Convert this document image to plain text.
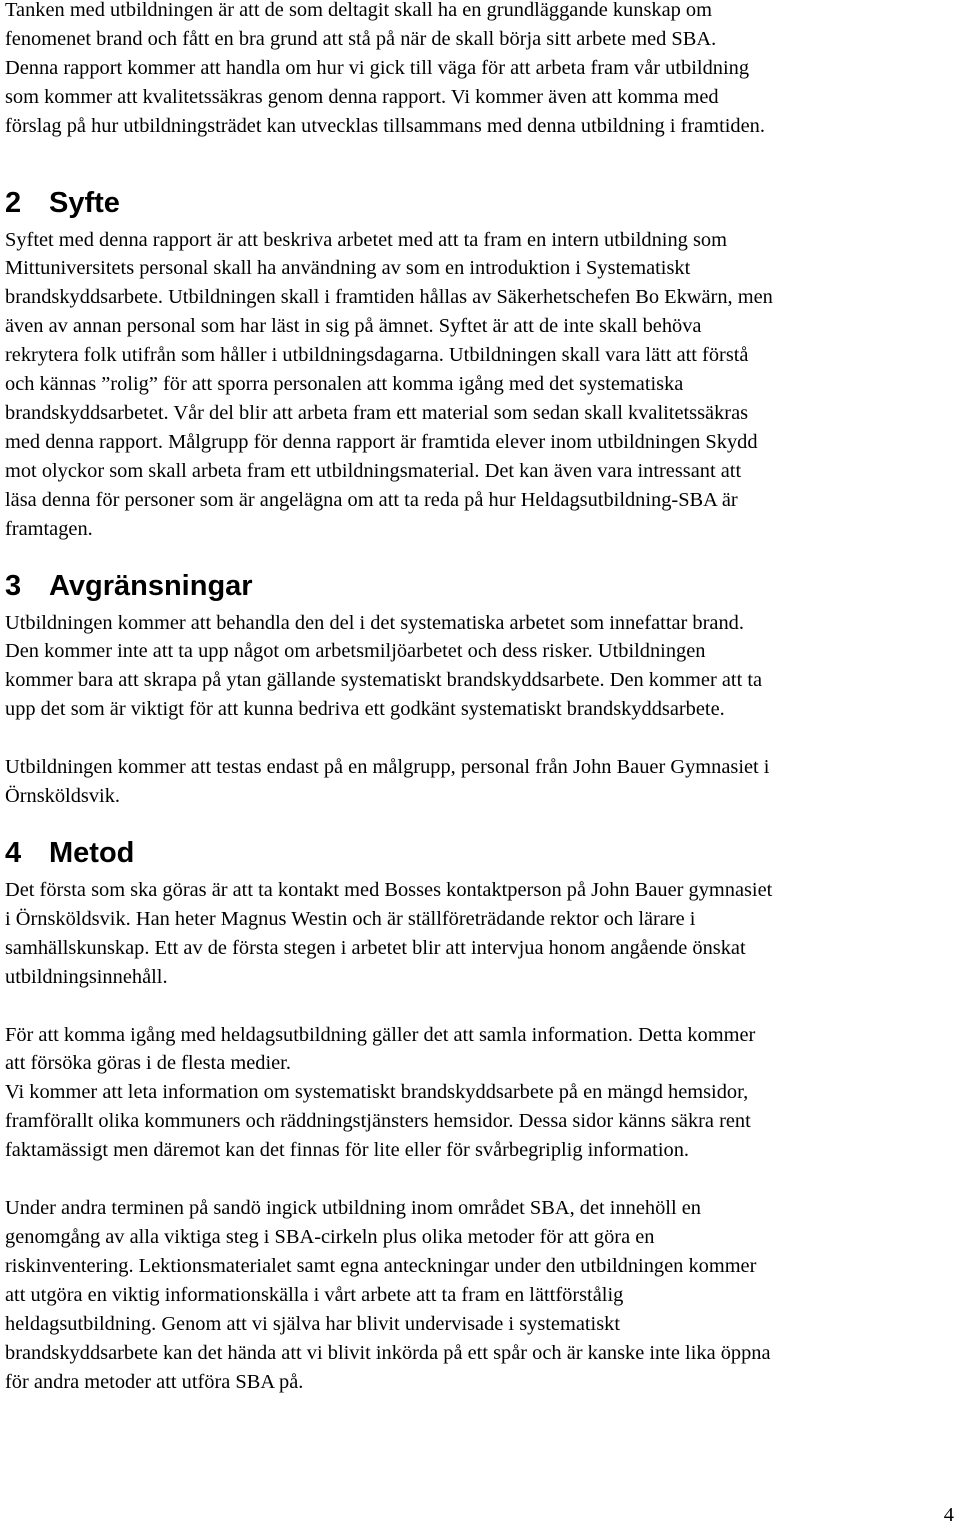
Tanken med utbildningen är att de som deltagit skall ha en grundläggande kunskap om
fenomenet brand och fått en bra grund att stå på när de skall börja sitt arbete med SBA.
Denna rapport kommer att handla om hur vi gick till väga för att arbeta fram vår utbildning
som kommer att kvalitetssäkras genom denna rapport. Vi kommer även att komma med
förslag på hur utbildningsträdet kan utvecklas tillsammans med denna utbildning i framtiden.

2 Syfte

Syftet med denna rapport är att beskriva arbetet med att ta fram en intern utbildning som
Mittuniversitets personal skall ha användning av som en introduktion i Systematiskt
brandskyddsarbete. Utbildningen skall i framtiden hållas av Säkerhetschefen Bo Ekwärn, men
även av annan personal som har läst in sig på ämnet. Syftet är att de inte skall behöva
rekrytera folk utifrån som håller i utbildningsdagarna. Utbildningen skall vara lätt att förstå
och kännas ”rolig” för att sporra personalen att komma igång med det systematiska
brandskyddsarbetet. Vår del blir att arbeta fram ett material som sedan skall kvalitetssäkras
med denna rapport. Målgrupp för denna rapport är framtida elever inom utbildningen Skydd
mot olyckor som skall arbeta fram ett utbildningsmaterial. Det kan även vara intressant att
läsa denna för personer som är angelägna om att ta reda på hur Heldagsutbildning-SBA är
framtagen.

3 Avgränsningar

Utbildningen kommer att behandla den del i det systematiska arbetet som innefattar brand.
Den kommer inte att ta upp något om arbetsmiljöarbetet och dess risker. Utbildningen
kommer bara att skrapa på ytan gällande systematiskt brandskyddsarbete. Den kommer att ta
upp det som är viktigt för att kunna bedriva ett godkänt systematiskt brandskyddsarbete.

Utbildningen kommer att testas endast på en målgrupp, personal från John Bauer Gymnasiet i
Örnsköldsvik.

4 Metod

Det första som ska göras är att ta kontakt med Bosses kontaktperson på John Bauer gymnasiet
i Örnsköldsvik. Han heter Magnus Westin och är ställföreträdande rektor och lärare i
samhällskunskap. Ett av de första stegen i arbetet blir att intervjua honom angående önskat
utbildningsinnehåll.

För att komma igång med heldagsutbildning gäller det att samla information. Detta kommer
att försöka göras i de flesta medier.
Vi kommer att leta information om systematiskt brandskyddsarbete på en mängd hemsidor,
framförallt olika kommuners och räddningstjänsters hemsidor. Dessa sidor känns säkra rent
faktamässigt men däremot kan det finnas för lite eller för svårbegriplig information.

Under andra terminen på sandö ingick utbildning inom området SBA, det innehöll en
genomgång av alla viktiga steg i SBA-cirkeln plus olika metoder för att göra en
riskinventering. Lektionsmaterialet samt egna anteckningar under den utbildningen kommer
att utgöra en viktig informationskälla i vårt arbete att ta fram en lättförstålig
heldagsutbildning. Genom att vi själva har blivit undervisade i systematiskt
brandskyddsarbete kan det hända att vi blivit inkörda på ett spår och är kanske inte lika öppna
för andra metoder att utföra SBA på.

4
